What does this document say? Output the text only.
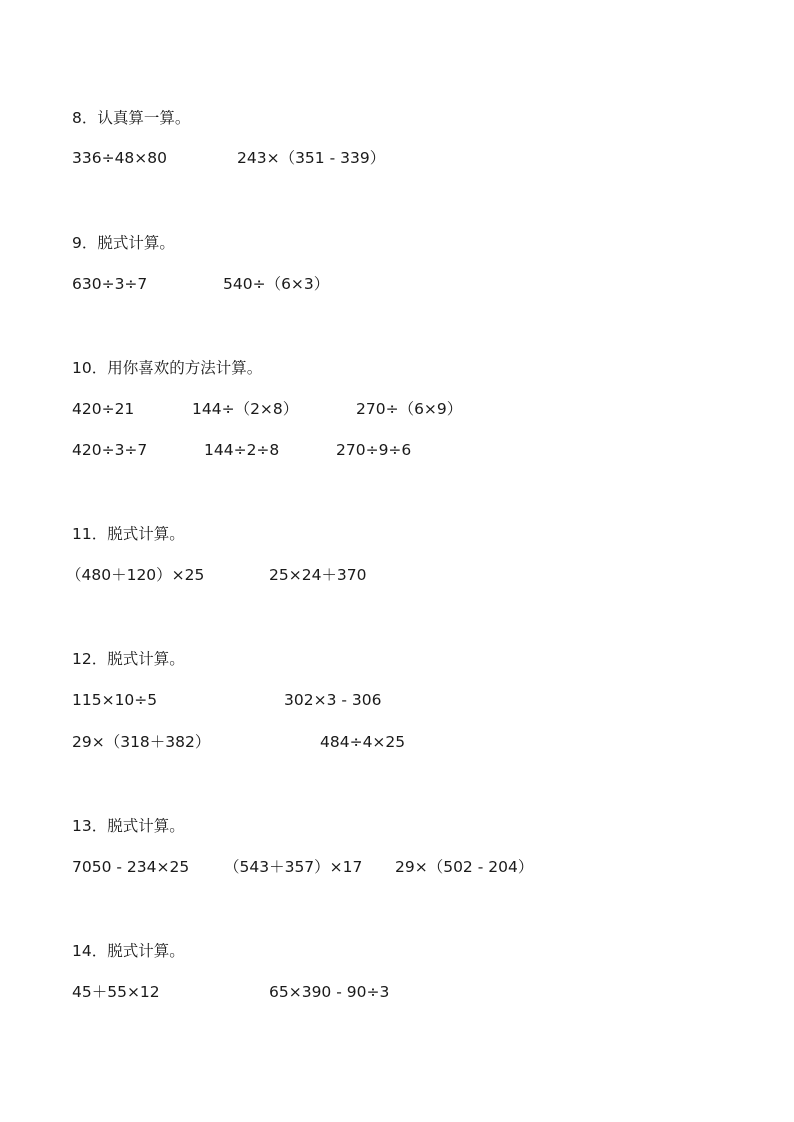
8．认真算一算。
336÷48×80	243×（351 - 339）
9．脱式计算。
630÷3÷7	540÷（6×3）
10．用你喜欢的方法计算。
420÷21	144÷（2×8）	270÷（6×9）
420÷3÷7	144÷2÷8	270÷9÷6
11．脱式计算。
（480＋120）×25	25×24＋370
12．脱式计算。
115×10÷5	302×3 - 306
29×（318＋382）	484÷4×25
13．脱式计算。
7050 - 234×25 （543＋357）×17 29×（502 - 204）
14．脱式计算。
45＋55×12	65×390 - 90÷3
